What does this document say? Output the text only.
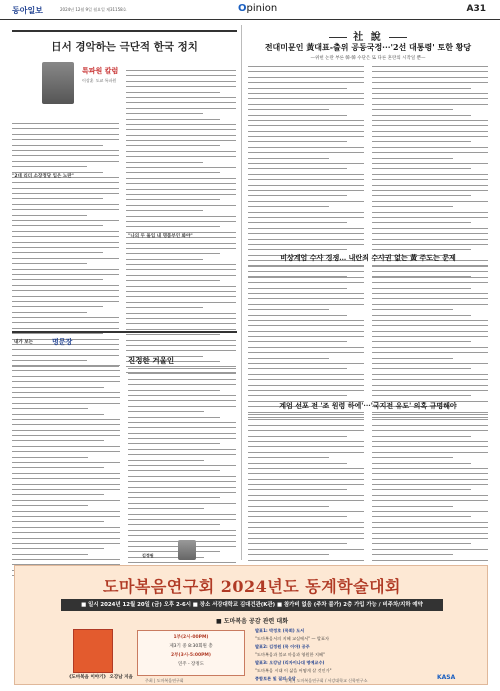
동아일보	2024년 12월 9일 월요일 제31158호	Opinion	A31
日서 경악하는 극단적 한국 정치
특파원 칼럼
이상훈 도쿄 특파원
"2대 리더 소장정당 입은 노란"
"나의 두 돌입 내 명품부인 봐야"
내가 보는	명문장
진정한 거울인
김정원
社 說
전대미문인 黃대표-출위 공동국정···'2선 대통령' 토한 황당
—위헌 논란 부른 韓·韓 수단은 또 다른 혼란의 시작일 뿐—
비상계엄 수사 경쟁… 내란죄 수사권 없는 黃 주도는 문제
계엄 선포 전 '조 원령 하에'···'국지전 유도' 의혹 규명해야
도마복음연구회 2024년도 동계학술대회
■ 일시 2024년 12월 20일 (금) 오후 2-6시 ■ 장소 서강대학교 김대건관(K관) ■ 참가비 없음 (주차 불가) 2층 가입 가능 / 비주차/지하 예약
■ 도마복음 공감 관련 대화
《도마복음 이야기》 오강남 지음
1부(2시-00PM)
제3기 중 8:30회원 총
2부(3시-5:00PM)
연주 - 장정도
발표1: 박정호 (목회) 도서
"도마복음서의 지혜 교실에서" — 발표자
발표2: 김정원 (목 이야) 공주
"도마복음과 불교 마음과 영원한 지혜"
발표3: 오강남 (리자이나대 명예교수)
"도마복음 시대 이 삶을 어떻게 살 것인가"
종합토론 및 질의 응답
주최 | 도마복음연구회	후원 | 도마복음연구회 / 서강대학교 신학연구소	KASA
